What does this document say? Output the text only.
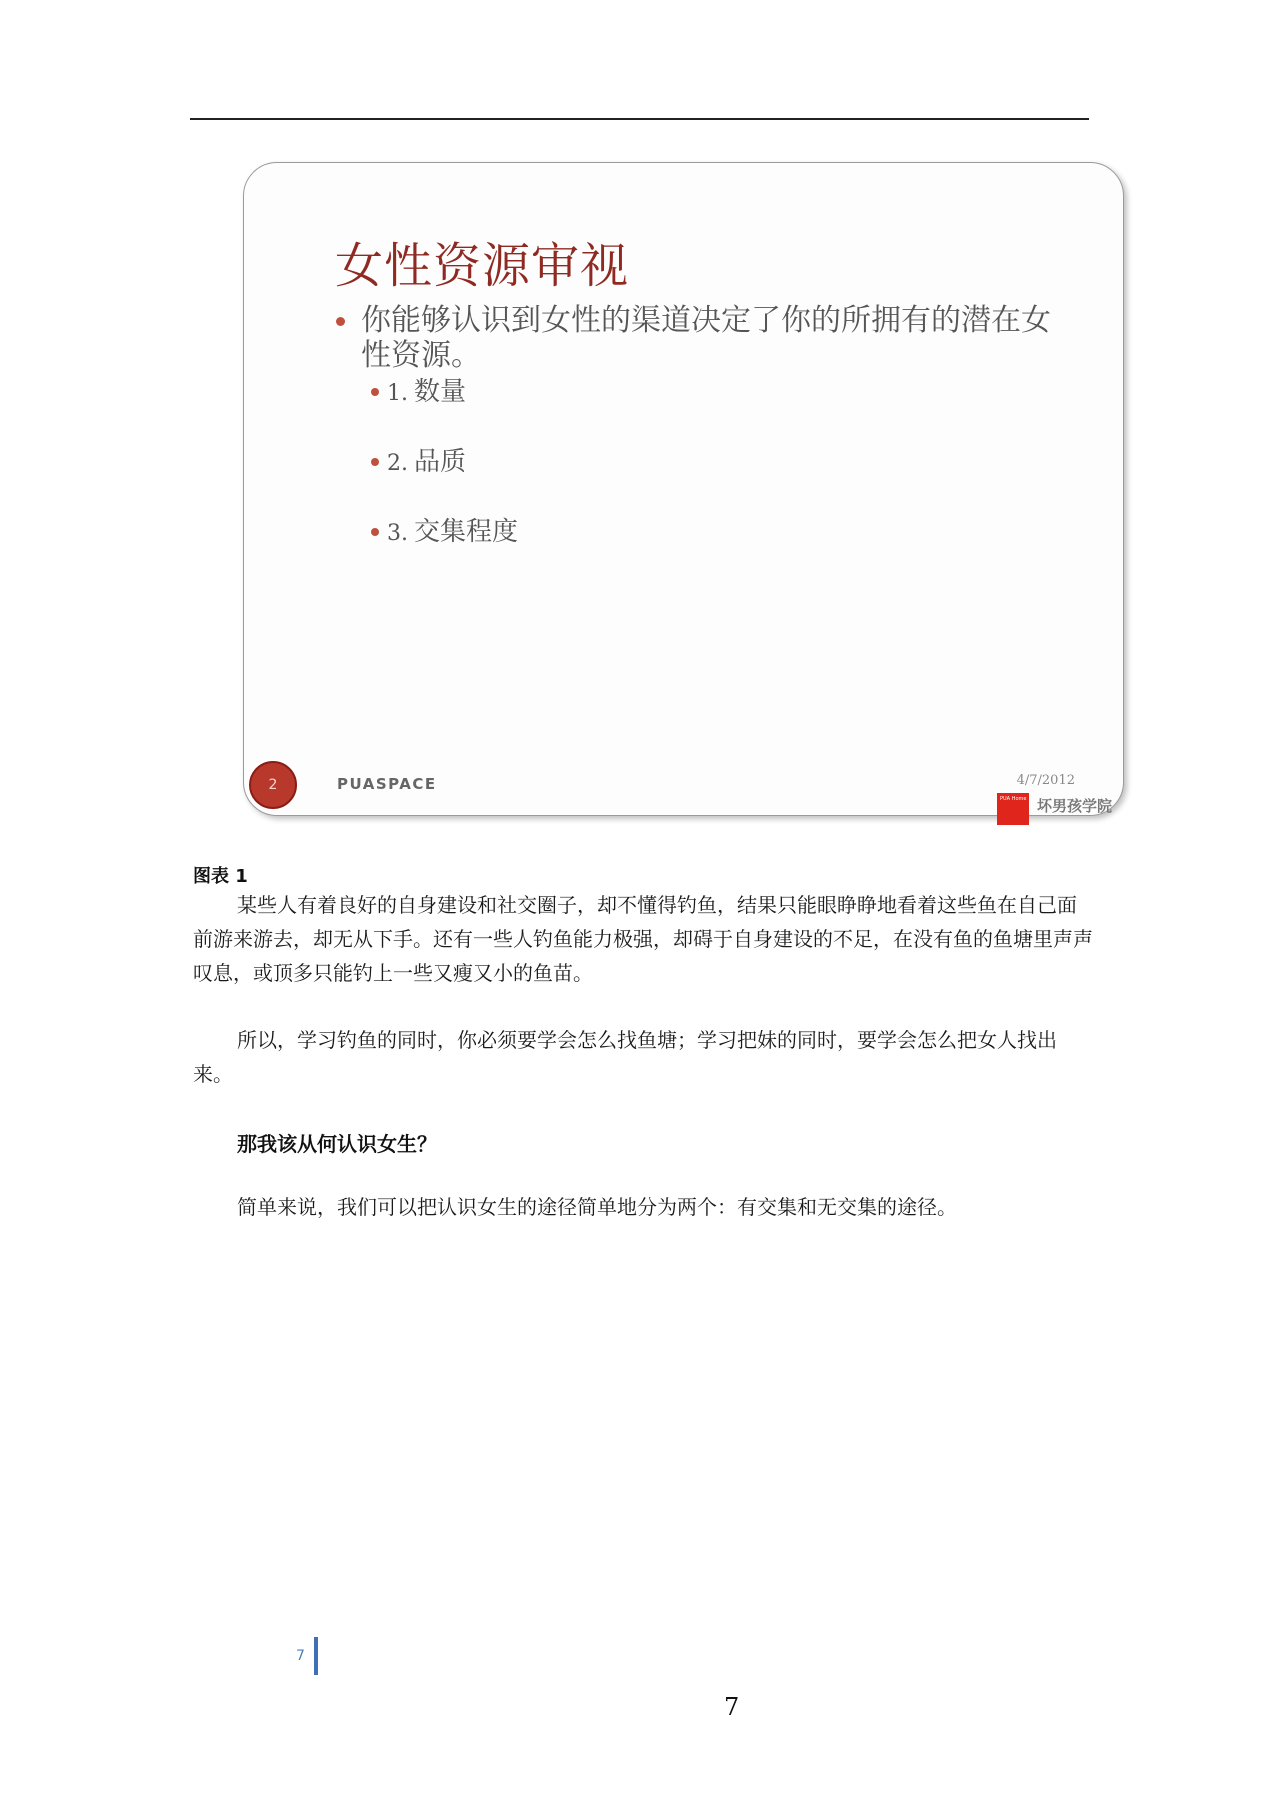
女性资源审视
你能够认识到女性的渠道决定了你的所拥有的潜在女性资源。
1. 数量
2. 品质
3. 交集程度
2	PUASPACE	4/7/2012
PUA Home 坏男孩学院
图表 1

某些人有着良好的自身建设和社交圈子，却不懂得钓鱼，结果只能眼睁睁地看着这些鱼在自己面前游来游去，却无从下手。还有一些人钓鱼能力极强，却碍于自身建设的不足，在没有鱼的鱼塘里声声叹息，或顶多只能钓上一些又瘦又小的鱼苗。

所以，学习钓鱼的同时，你必须要学会怎么找鱼塘；学习把妹的同时，要学会怎么把女人找出来。

那我该从何认识女生？

简单来说，我们可以把认识女生的途径简单地分为两个：有交集和无交集的途径。

7
7
